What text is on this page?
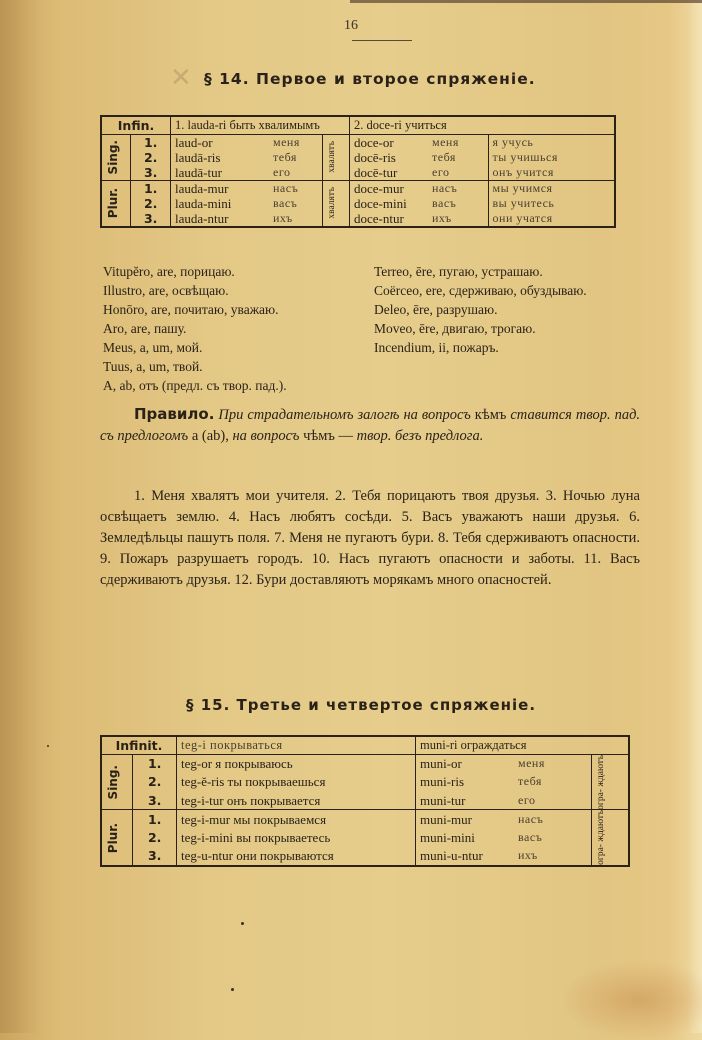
16
✕ § 14. Первое и второе спряженіе.
Infin.		1. lauda-ri быть хвалимымъ			2. doce-ri учиться		

Sing.	1.	laud-or	меня	хвалятъ	doce-or	меня	я учусь
	2.	laudā-ris	тебя		docē-ris	тебя	ты учишься
	3.	laudā-tur	его		docē-tur	его	онъ учится

Plur.	1.	lauda-mur	насъ	хвалятъ	doce-mur	насъ	мы учимся
	2.	lauda-mini	васъ		doce-mini	васъ	вы учитесь
	3.	lauda-ntur	ихъ		doce-ntur	ихъ	они учатся
Vitupĕro, are, порицаю.
Illustro, are, освѣщаю.
Honōro, are, почитаю, уважаю.
Aro, are, пашу.
Meus, a, um, мой.
Tuus, a, um, твой.
A, ab, отъ (предл. съ твор. пад.).
Terreo, ēre, пугаю, устрашаю.
Coërceo, ere, сдерживаю, обуздываю.
Deleo, ēre, разрушаю.
Moveo, ēre, двигаю, трогаю.
Incendium, ii, пожаръ.
Правило. При страдательномъ залогѣ на вопросъ кѣмъ ставится твор. пад. съ предлогомъ a (ab), на вопросъ чѣмъ — твор. безъ предлога.
1. Меня хвалятъ мои учителя. 2. Тебя порицаютъ твоя друзья. 3. Ночью луна освѣщаетъ землю. 4. Насъ любятъ сосѣди. 5. Васъ уважаютъ наши друзья. 6. Земледѣльцы пашутъ поля. 7. Меня не пугаютъ бури. 8. Тебя сдерживаютъ опасности. 9. Пожаръ разрушаетъ городъ. 10. Насъ пугаютъ опасности и заботы. 11. Васъ сдерживаютъ друзья. 12. Бури доставляютъ морякамъ много опасностей.
§ 15. Третье и четвертое спряженіе.
Infinit.		teg-i покрываться	muni-ri ограждаться		

Sing.	1.	teg-or я покрываюсь	muni-or	меня	огра- ждаютъ

	2.	teg-ĕ-ris ты покрываешься	muni-ris	тебя	
	3.	teg-i-tur онъ покрывается	muni-tur	его	

Plur.	1.	teg-i-mur мы покрываемся	muni-mur	насъ	огра- ждаютъ

	2.	teg-i-mini вы покрываетесь	muni-mini	васъ	
	3.	teg-u-ntur они покрываются	muni-u-ntur	ихъ	
